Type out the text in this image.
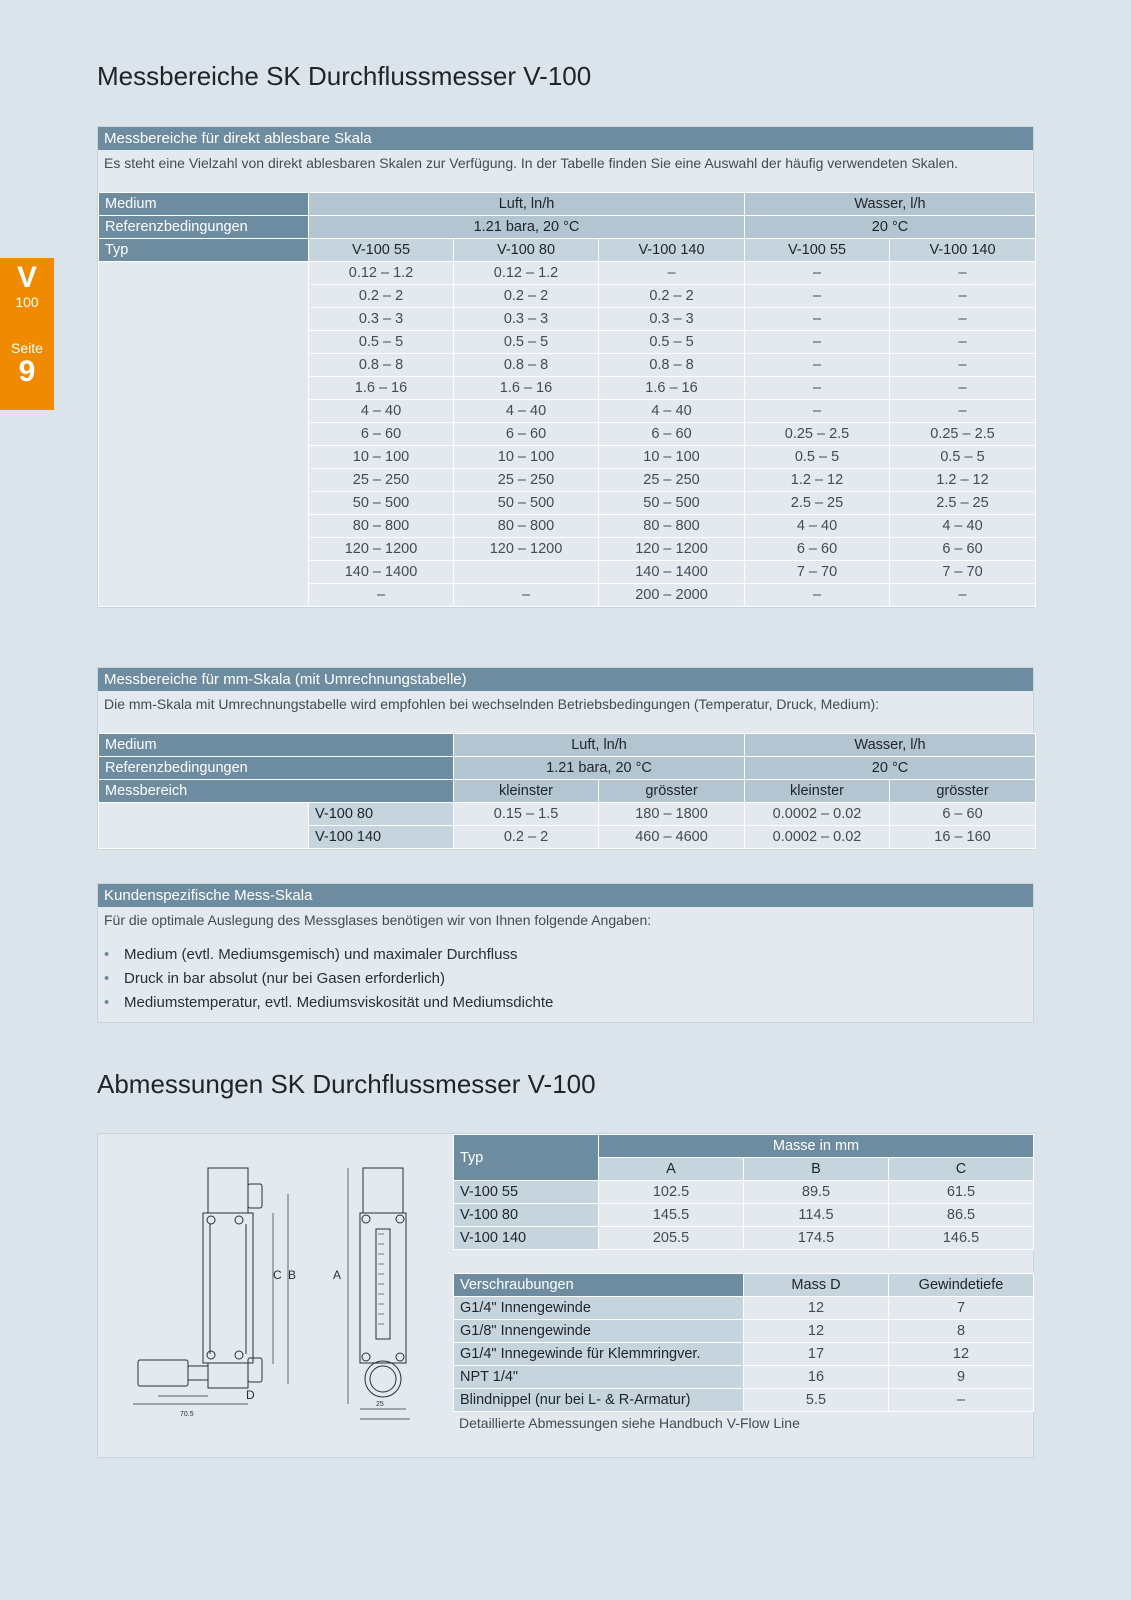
V
100
Seite
9
Messbereiche SK Durchflussmesser V-100
Messbereiche für direkt ablesbare Skala
Es steht eine Vielzahl von direkt ablesbaren Skalen zur Verfügung. In der Tabelle finden Sie eine Auswahl der häufig verwendeten Skalen.
Medium	Luft, ln/h			Wasser, l/h	
Referenzbedingungen	1.21 bara, 20 °C			20 °C	
Typ	V-100 55	V-100 80	V-100 140	V-100 55	V-100 140
	0.12 – 1.2	0.12 – 1.2	–	–	–
	0.2 – 2	0.2 – 2	0.2 – 2	–	–
	0.3 – 3	0.3 – 3	0.3 – 3	–	–
	0.5 – 5	0.5 – 5	0.5 – 5	–	–
	0.8 – 8	0.8 – 8	0.8 – 8	–	–
	1.6 – 16	1.6 – 16	1.6 – 16	–	–
	4 – 40	4 – 40	4 – 40	–	–
	6 – 60	6 – 60	6 – 60	0.25 – 2.5	0.25 – 2.5
	10 – 100	10 – 100	10 – 100	0.5 – 5	0.5 – 5
	25 – 250	25 – 250	25 – 250	1.2 – 12	1.2 – 12
	50 – 500	50 – 500	50 – 500	2.5 – 25	2.5 – 25
	80 – 800	80 – 800	80 – 800	4 – 40	4 – 40
	120 – 1200	120 – 1200	120 – 1200	6 – 60	6 – 60
	140 – 1400		140 – 1400	7 – 70	7 – 70
	–	–	200 – 2000	–	–
Messbereiche für mm-Skala (mit Umrechnungstabelle)
Die mm-Skala mit Umrechnungstabelle wird empfohlen bei wechselnden Betriebsbedingungen (Temperatur, Druck, Medium):
Medium		Luft, ln/h		Wasser, l/h	
Referenzbedingungen		1.21 bara, 20 °C		20 °C	
Messbereich		kleinster	grösster	kleinster	grösster
	V-100 80	0.15 – 1.5	180 – 1800	0.0002 – 0.02	6 – 60
	V-100 140	0.2 – 2	460 – 4600	0.0002 – 0.02	16 – 160
Kundenspezifische Mess-Skala
Für die optimale Auslegung des Messglases benötigen wir von Ihnen folgende Angaben:
• Medium (evtl. Mediumsgemisch) und maximaler Durchfluss
• Druck in bar absolut (nur bei Gasen erforderlich)
• Mediumstemperatur, evtl. Mediumsviskosität und Mediumsdichte
Abmessungen SK Durchflussmesser V-100
C B	A
D
70.5
25
Typ	Masse in mm		
	A	B	C
V-100 55	102.5	89.5	61.5
V-100 80	145.5	114.5	86.5
V-100 140	205.5	174.5	146.5
Verschraubungen	Mass D	Gewindetiefe
G1/4" Innengewinde	12	7
G1/8" Innengewinde	12	8
G1/4" Innegewinde für Klemmringver.	17	12
NPT 1/4"	16	9
Blindnippel (nur bei L- & R-Armatur)	5.5	–
Detaillierte Abmessungen siehe Handbuch V-Flow Line
